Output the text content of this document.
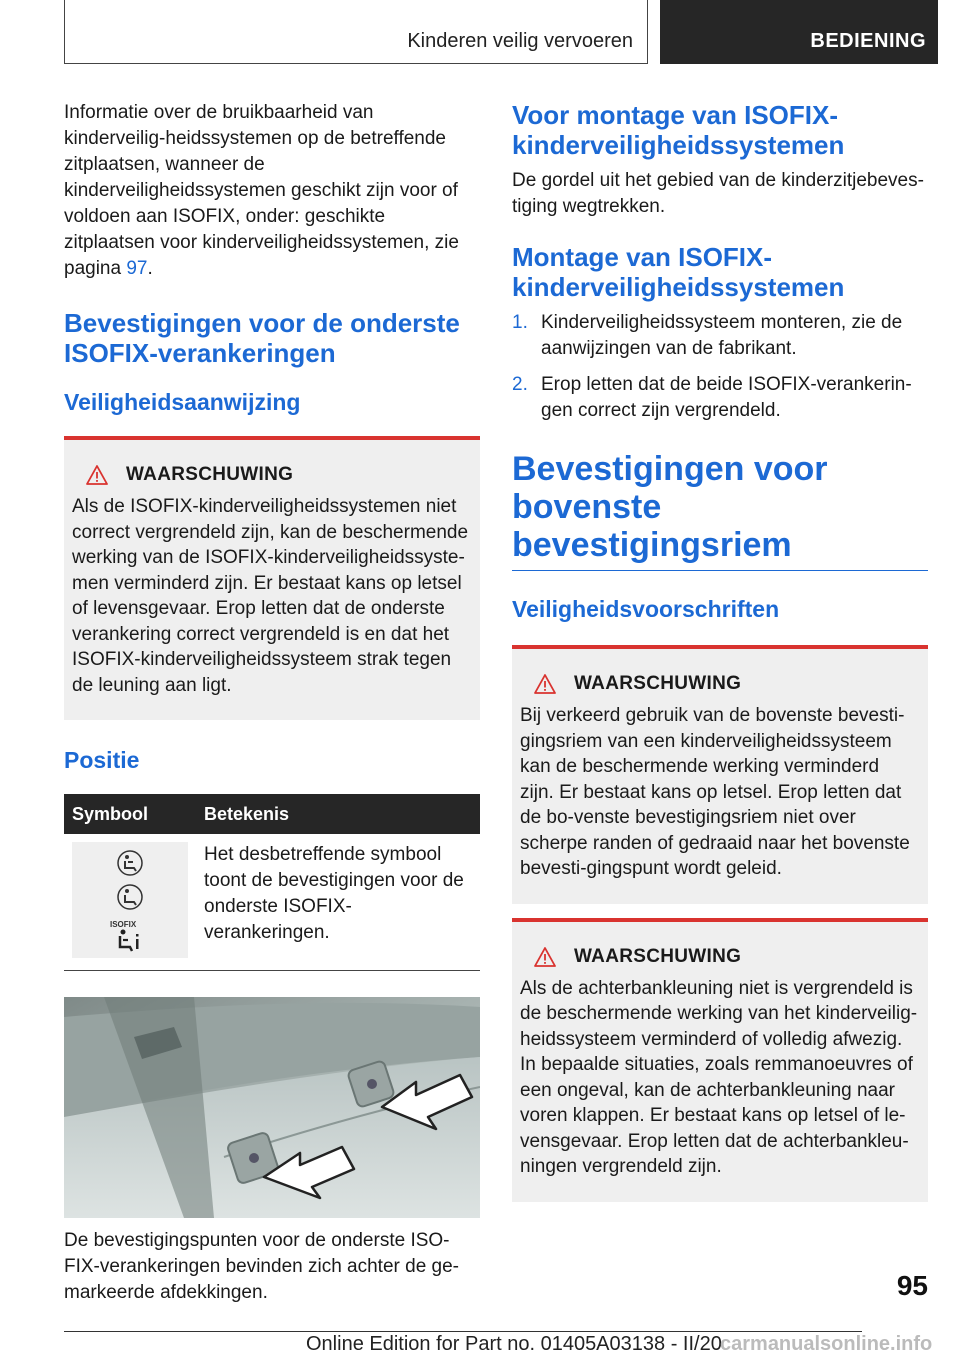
Kinderen veilig vervoeren	BEDIENING

Informatie over de bruikbaarheid van kinderveilig-heidssystemen op de betreffende zitplaatsen, wanneer de kinderveiligheidssystemen geschikt zijn voor of voldoen aan ISOFIX, onder: geschikte zitplaatsen voor kinderveiligheidssystemen, zie pagina 97.

Bevestigingen voor de onderste ISOFIX-verankeringen
Veiligheidsaanwijzing
WAARSCHUWING

Als de ISOFIX-kinderveiligheidssystemen niet correct vergrendeld zijn, kan de beschermende werking van de ISOFIX-kinderveiligheidssyste-men verminderd zijn. Er bestaat kans op letsel of levensgevaar. Erop letten dat de onderste verankering correct vergrendeld is en dat het ISOFIX-kinderveiligheidssysteem strak tegen de leuning aan ligt.

Positie
Symbool	Betekenis

ISOFIX	Het desbetreffende symbool toont de bevestigingen voor de onderste ISOFIX-verankeringen.

De bevestigingspunten voor de onderste ISO-FIX-verankeringen bevinden zich achter de ge-markeerde afdekkingen.

Voor montage van ISOFIX-kinderveiligheidssystemen

De gordel uit het gebied van de kinderzitjebeves-tiging wegtrekken.

Montage van ISOFIX-kinderveiligheidssystemen
1. Kinderveiligheidssysteem monteren, zie de aanwijzingen van de fabrikant.
2. Erop letten dat de beide ISOFIX-verankerin-gen correct zijn vergrendeld.
Bevestigingen voor bovenste bevestigingsriem
Veiligheidsvoorschriften
WAARSCHUWING

Bij verkeerd gebruik van de bovenste bevesti-gingsriem van een kinderveiligheidssysteem kan de beschermende werking verminderd zijn. Er bestaat kans op letsel. Erop letten dat de bo-venste bevestigingsriem niet over scherpe randen of gedraaid naar het bovenste bevesti-gingspunt wordt geleid.

WAARSCHUWING

Als de achterbankleuning niet is vergrendeld is de beschermende werking van het kinderveilig-heidssysteem verminderd of volledig afwezig. In bepaalde situaties, zoals remmanoeuvres of een ongeval, kan de achterbankleuning naar voren klappen. Er bestaat kans op letsel of le-vensgevaar. Erop letten dat de achterbankleu-ningen vergrendeld zijn.

95
Online Edition for Part no. 01405A03138 - II/20
carmanualsonline.info
